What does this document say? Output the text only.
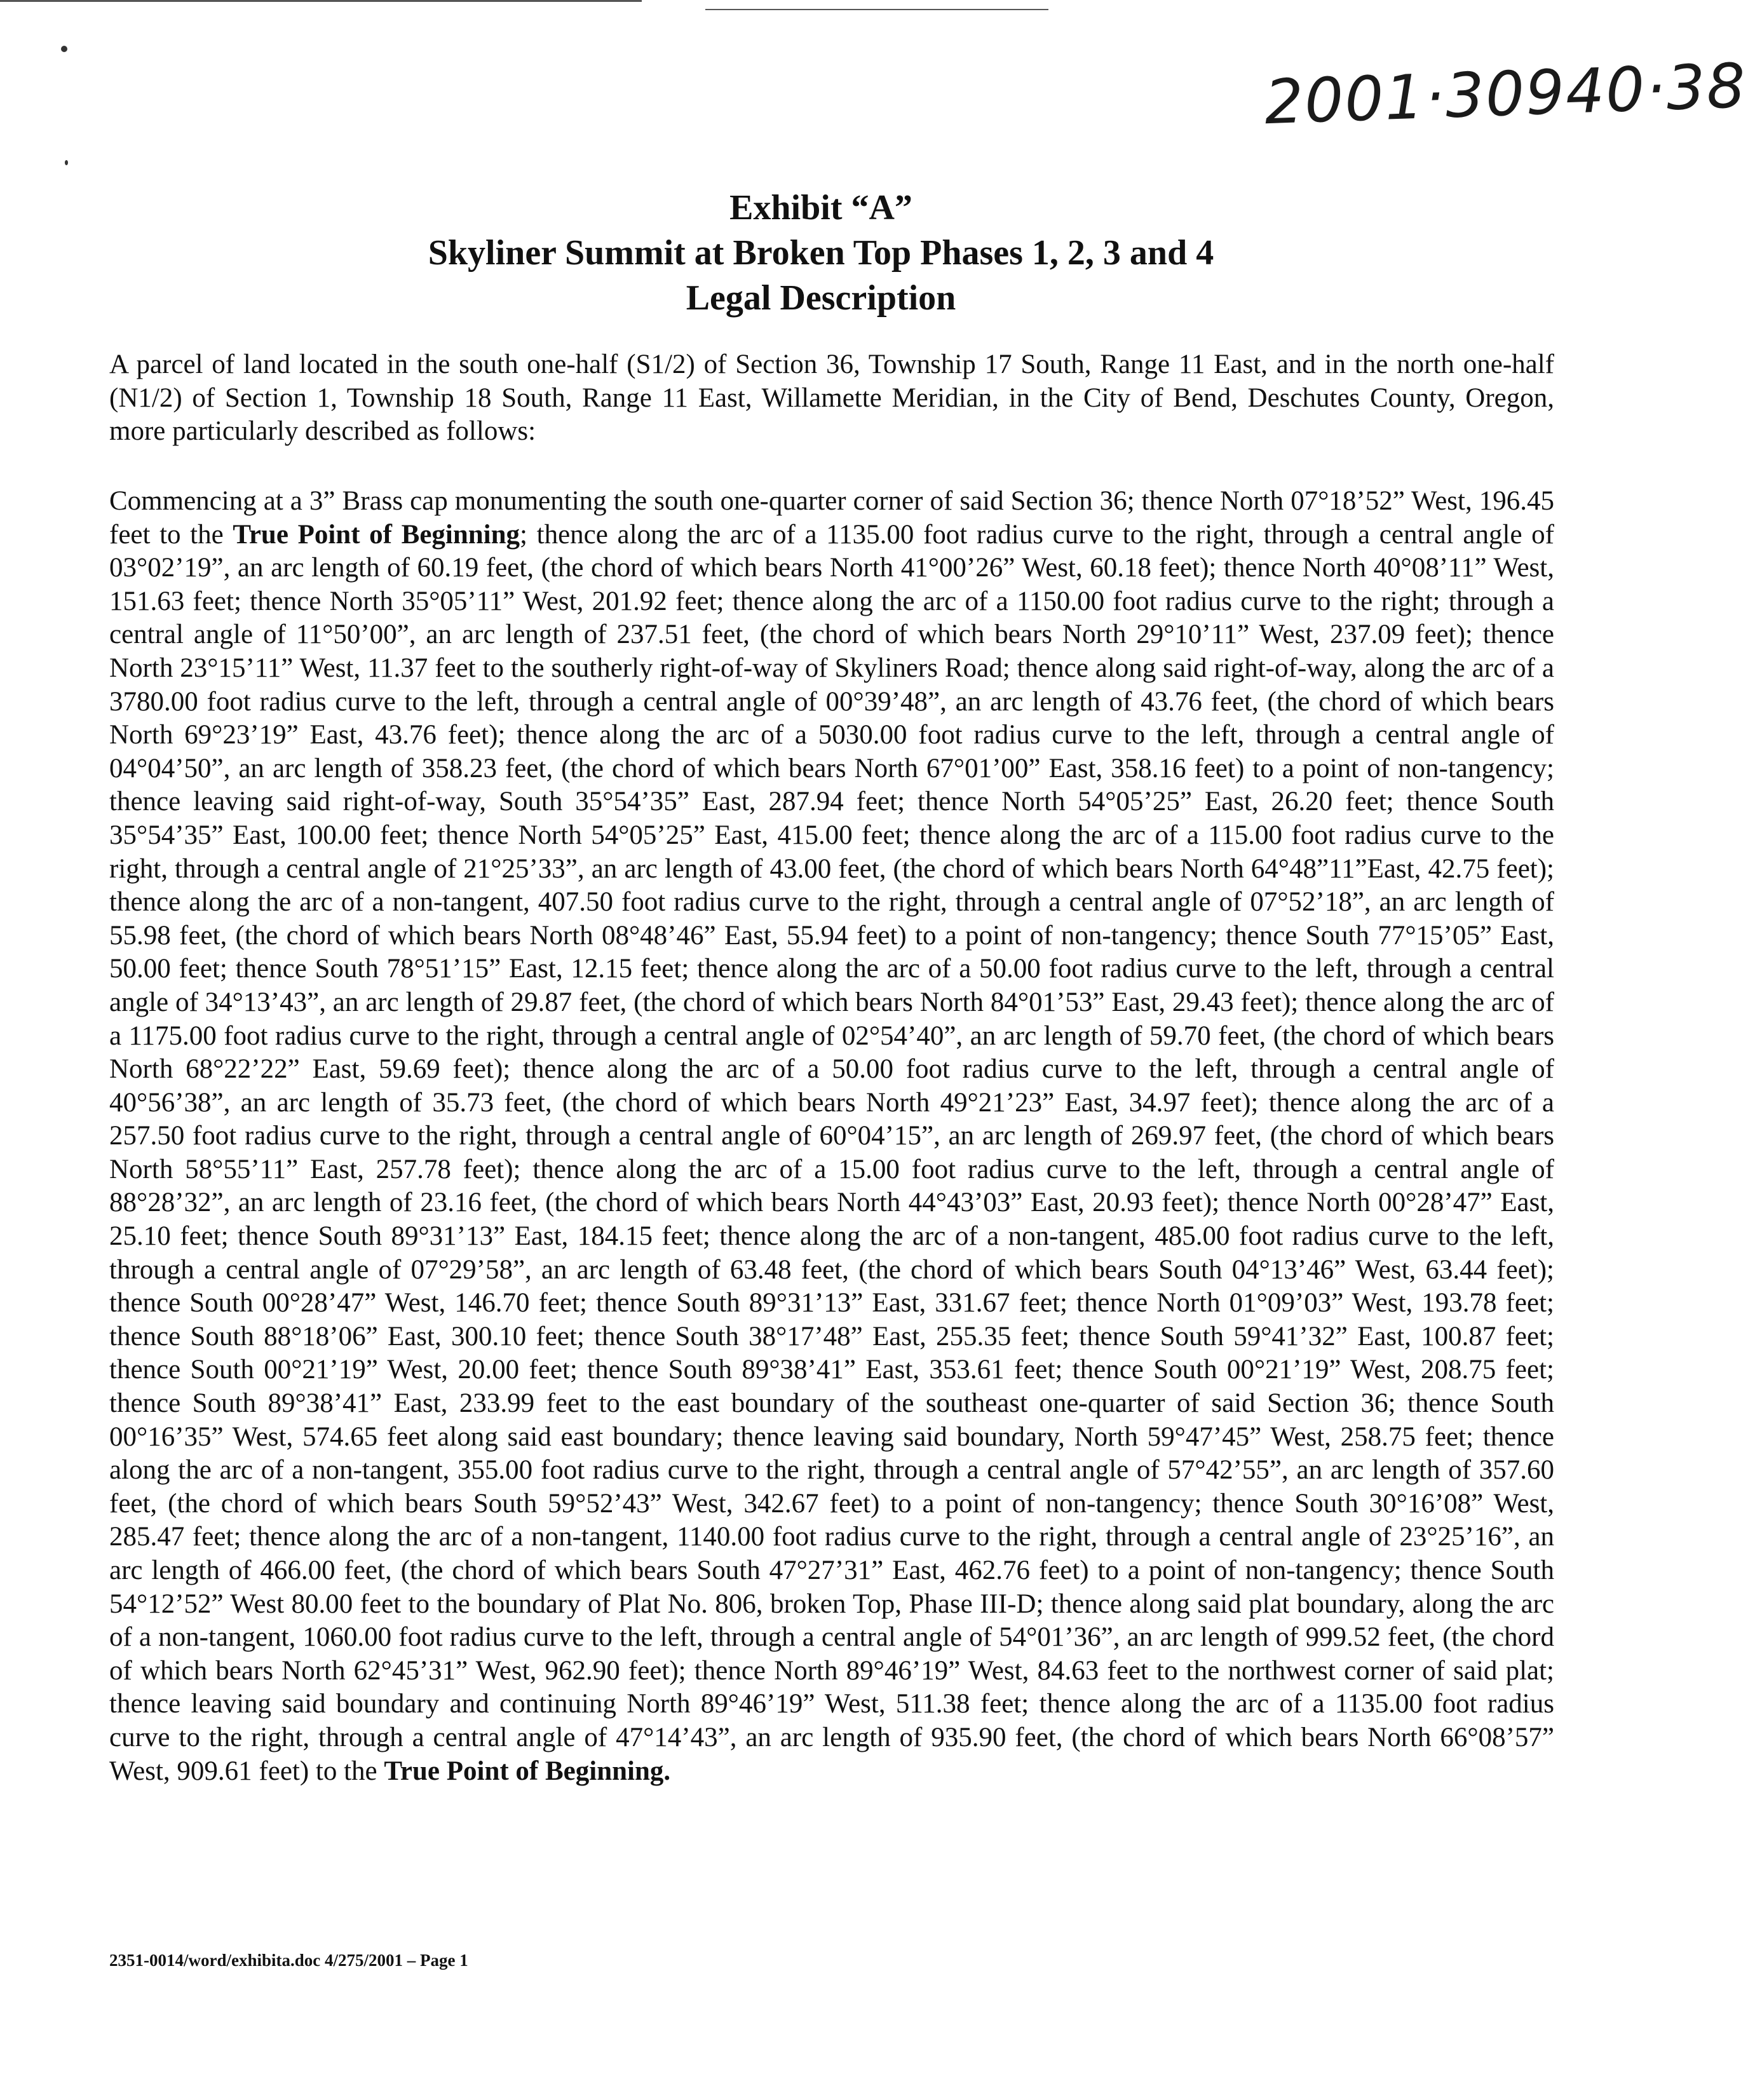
2001·30940·38
Exhibit “A”
Skyliner Summit at Broken Top Phases 1, 2, 3 and 4
Legal Description

A parcel of land located in the south one-half (S1/2) of Section 36, Township 17 South, Range 11 East, and in the north one-half (N1/2) of Section 1, Township 18 South, Range 11 East, Willamette Meridian, in the City of Bend, Deschutes County, Oregon, more particularly described as follows:

Commencing at a 3” Brass cap monumenting the south one-quarter corner of said Section 36; thence North 07°18’52” West, 196.45 feet to the True Point of Beginning; thence along the arc of a 1135.00 foot radius curve to the right, through a central angle of 03°02’19”, an arc length of 60.19 feet, (the chord of which bears North 41°00’26” West, 60.18 feet); thence North 40°08’11” West, 151.63 feet; thence North 35°05’11” West, 201.92 feet; thence along the arc of a 1150.00 foot radius curve to the right; through a central angle of 11°50’00”, an arc length of 237.51 feet, (the chord of which bears North 29°10’11” West, 237.09 feet); thence North 23°15’11” West, 11.37 feet to the southerly right-of-way of Skyliners Road; thence along said right-of-way, along the arc of a 3780.00 foot radius curve to the left, through a central angle of 00°39’48”, an arc length of 43.76 feet, (the chord of which bears North 69°23’19” East, 43.76 feet); thence along the arc of a 5030.00 foot radius curve to the left, through a central angle of 04°04’50”, an arc length of 358.23 feet, (the chord of which bears North 67°01’00” East, 358.16 feet) to a point of non-tangency; thence leaving said right-of-way, South 35°54’35” East, 287.94 feet; thence North 54°05’25” East, 26.20 feet; thence South 35°54’35” East, 100.00 feet; thence North 54°05’25” East, 415.00 feet; thence along the arc of a 115.00 foot radius curve to the right, through a central angle of 21°25’33”, an arc length of 43.00 feet, (the chord of which bears North 64°48”11”East, 42.75 feet); thence along the arc of a non-tangent, 407.50 foot radius curve to the right, through a central angle of 07°52’18”, an arc length of 55.98 feet, (the chord of which bears North 08°48’46” East, 55.94 feet) to a point of non-tangency; thence South 77°15’05” East, 50.00 feet; thence South 78°51’15” East, 12.15 feet; thence along the arc of a 50.00 foot radius curve to the left, through a central angle of 34°13’43”, an arc length of 29.87 feet, (the chord of which bears North 84°01’53” East, 29.43 feet); thence along the arc of a 1175.00 foot radius curve to the right, through a central angle of 02°54’40”, an arc length of 59.70 feet, (the chord of which bears North 68°22’22” East, 59.69 feet); thence along the arc of a 50.00 foot radius curve to the left, through a central angle of 40°56’38”, an arc length of 35.73 feet, (the chord of which bears North 49°21’23” East, 34.97 feet); thence along the arc of a 257.50 foot radius curve to the right, through a central angle of 60°04’15”, an arc length of 269.97 feet, (the chord of which bears North 58°55’11” East, 257.78 feet); thence along the arc of a 15.00 foot radius curve to the left, through a central angle of 88°28’32”, an arc length of 23.16 feet, (the chord of which bears North 44°43’03” East, 20.93 feet); thence North 00°28’47” East, 25.10 feet; thence South 89°31’13” East, 184.15 feet; thence along the arc of a non-tangent, 485.00 foot radius curve to the left, through a central angle of 07°29’58”, an arc length of 63.48 feet, (the chord of which bears South 04°13’46” West, 63.44 feet); thence South 00°28’47” West, 146.70 feet; thence South 89°31’13” East, 331.67 feet; thence North 01°09’03” West, 193.78 feet; thence South 88°18’06” East, 300.10 feet; thence South 38°17’48” East, 255.35 feet; thence South 59°41’32” East, 100.87 feet; thence South 00°21’19” West, 20.00 feet; thence South 89°38’41” East, 353.61 feet; thence South 00°21’19” West, 208.75 feet; thence South 89°38’41” East, 233.99 feet to the east boundary of the southeast one-quarter of said Section 36; thence South 00°16’35” West, 574.65 feet along said east boundary; thence leaving said boundary, North 59°47’45” West, 258.75 feet; thence along the arc of a non-tangent, 355.00 foot radius curve to the right, through a central angle of 57°42’55”, an arc length of 357.60 feet, (the chord of which bears South 59°52’43” West, 342.67 feet) to a point of non-tangency; thence South 30°16’08” West, 285.47 feet; thence along the arc of a non-tangent, 1140.00 foot radius curve to the right, through a central angle of 23°25’16”, an arc length of 466.00 feet, (the chord of which bears South 47°27’31” East, 462.76 feet) to a point of non-tangency; thence South 54°12’52” West 80.00 feet to the boundary of Plat No. 806, broken Top, Phase III-D; thence along said plat boundary, along the arc of a non-tangent, 1060.00 foot radius curve to the left, through a central angle of 54°01’36”, an arc length of 999.52 feet, (the chord of which bears North 62°45’31” West, 962.90 feet); thence North 89°46’19” West, 84.63 feet to the northwest corner of said plat; thence leaving said boundary and continuing North 89°46’19” West, 511.38 feet; thence along the arc of a 1135.00 foot radius curve to the right, through a central angle of 47°14’43”, an arc length of 935.90 feet, (the chord of which bears North 66°08’57” West, 909.61 feet) to the True Point of Beginning.

2351-0014/word/exhibita.doc 4/275/2001 – Page 1
